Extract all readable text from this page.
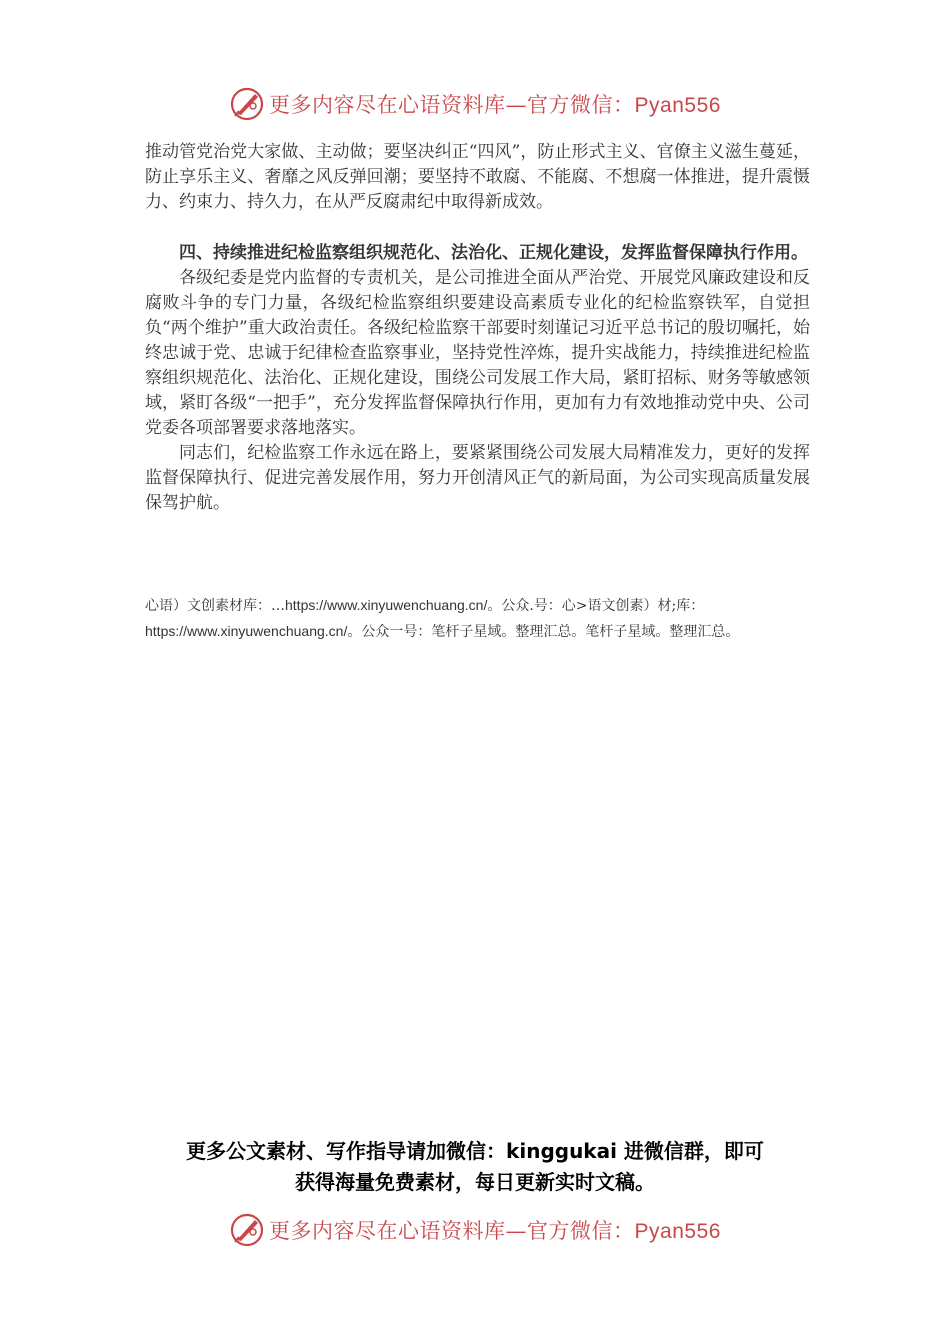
更多内容尽在心语资料库—官方微信：Pyan556

推动管党治党大家做、主动做；要坚决纠正“四风”，防止形式主义、官僚主义滋生蔓延，防止享乐主义、奢靡之风反弹回潮；要坚持不敢腐、不能腐、不想腐一体推进，提升震慑力、约束力、持久力，在从严反腐肃纪中取得新成效。

四、持续推进纪检监察组织规范化、法治化、正规化建设，发挥监督保障执行作用。

各级纪委是党内监督的专责机关，是公司推进全面从严治党、开展党风廉政建设和反腐败斗争的专门力量，各级纪检监察组织要建设高素质专业化的纪检监察铁军，自觉担负“两个维护”重大政治责任。各级纪检监察干部要时刻谨记习近平总书记的殷切嘱托，始终忠诚于党、忠诚于纪律检查监察事业，坚持党性淬炼，提升实战能力，持续推进纪检监察组织规范化、法治化、正规化建设，围绕公司发展工作大局，紧盯招标、财务等敏感领域，紧盯各级“一把手”，充分发挥监督保障执行作用，更加有力有效地推动党中央、公司党委各项部署要求落地落实。

同志们，纪检监察工作永远在路上，要紧紧围绕公司发展大局精准发力，更好的发挥监督保障执行、促进完善发展作用，努力开创清风正气的新局面，为公司实现高质量发展保驾护航。

心语）文创素材库：…https://www.xinyuwenchuang.cn/。公众.号：心>语文创素）材;库：
https://www.xinyuwenchuang.cn/。公众一号：笔杆子星域。整理汇总。笔杆子星域。整理汇总。
更多公文素材、写作指导请加微信：kinggukai 进微信群，即可
获得海量免费素材，每日更新实时文稿。
更多内容尽在心语资料库—官方微信：Pyan556
